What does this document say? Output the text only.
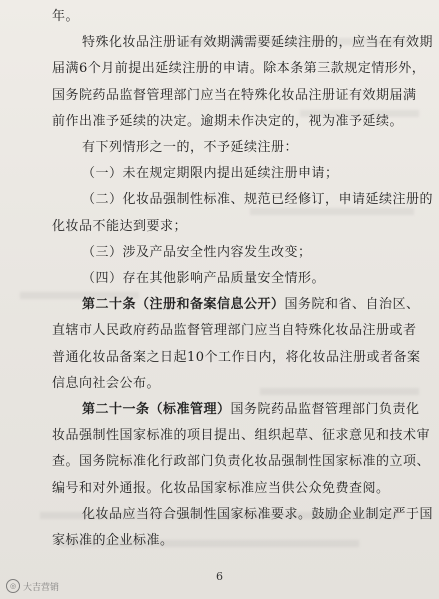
年。
特殊化妆品注册证有效期满需要延续注册的，应当在有效期
届满6个月前提出延续注册的申请。除本条第三款规定情形外，
国务院药品监督管理部门应当在特殊化妆品注册证有效期届满
前作出准予延续的决定。逾期未作决定的，视为准予延续。
有下列情形之一的，不予延续注册：
（一）未在规定期限内提出延续注册申请；
（二）化妆品强制性标准、规范已经修订，申请延续注册的
化妆品不能达到要求；
（三）涉及产品安全性内容发生改变；
（四）存在其他影响产品质量安全情形。
第二十条（注册和备案信息公开）国务院和省、自治区、
直辖市人民政府药品监督管理部门应当自特殊化妆品注册或者
普通化妆品备案之日起10个工作日内，将化妆品注册或者备案
信息向社会公布。
第二十一条（标准管理）国务院药品监督管理部门负责化
妆品强制性国家标准的项目提出、组织起草、征求意见和技术审
查。国务院标准化行政部门负责化妆品强制性国家标准的立项、
编号和对外通报。化妆品国家标准应当供公众免费查阅。
化妆品应当符合强制性国家标准要求。鼓励企业制定严于国
家标准的企业标准。
6
◎ 大吉营销
